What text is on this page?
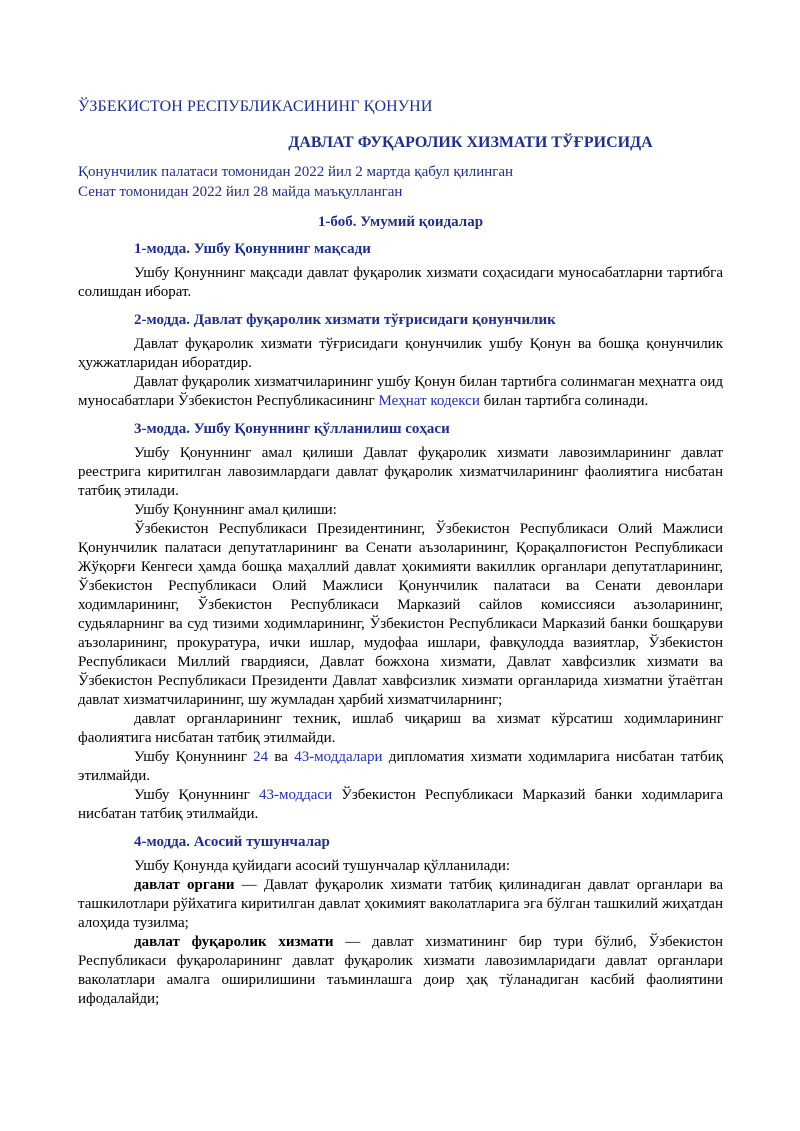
ЎЗБЕКИСТОН РЕСПУБЛИКАСИНИНГ ҚОНУНИ
ДАВЛАТ ФУҚАРОЛИК ХИЗМАТИ ТЎҒРИСИДА
Қонунчилик палатаси томонидан 2022 йил 2 мартда қабул қилинган
Сенат томонидан 2022 йил 28 майда маъқулланган
1-боб. Умумий қоидалар
1-модда. Ушбу Қонуннинг мақсади

Ушбу Қонуннинг мақсади давлат фуқаролик хизмати соҳасидаги муносабатларни тартибга солишдан иборат.

2-модда. Давлат фуқаролик хизмати тўғрисидаги қонунчилик

Давлат фуқаролик хизмати тўғрисидаги қонунчилик ушбу Қонун ва бошқа қонунчилик ҳужжатларидан иборатдир.

Давлат фуқаролик хизматчиларининг ушбу Қонун билан тартибга солинмаган меҳнатга оид муносабатлари Ўзбекистон Республикасининг Меҳнат кодекси билан тартибга солинади.

3-модда. Ушбу Қонуннинг қўлланилиш соҳаси

Ушбу Қонуннинг амал қилиши Давлат фуқаролик хизмати лавозимларининг давлат реестрига киритилган лавозимлардаги давлат фуқаролик хизматчиларининг фаолиятига нисбатан татбиқ этилади.

Ушбу Қонуннинг амал қилиши:

Ўзбекистон Республикаси Президентининг, Ўзбекистон Республикаси Олий Мажлиси Қонунчилик палатаси депутатларининг ва Сенати аъзоларининг, Қорақалпоғистон Республикаси Жўқорғи Кенгеси ҳамда бошқа маҳаллий давлат ҳокимияти вакиллик органлари депутатларининг, Ўзбекистон Республикаси Олий Мажлиси Қонунчилик палатаси ва Сенати девонлари ходимларининг, Ўзбекистон Республикаси Марказий сайлов комиссияси аъзоларининг, судьяларнинг ва суд тизими ходимларининг, Ўзбекистон Республикаси Марказий банки бошқаруви аъзоларининг, прокуратура, ички ишлар, мудофаа ишлари, фавқулодда вазиятлар, Ўзбекистон Республикаси Миллий гвардияси, Давлат божхона хизмати, Давлат хавфсизлик хизмати ва Ўзбекистон Республикаси Президенти Давлат хавфсизлик хизмати органларида хизматни ўтаётган давлат хизматчиларининг, шу жумладан ҳарбий хизматчиларнинг;

давлат органларининг техник, ишлаб чиқариш ва хизмат кўрсатиш ходимларининг фаолиятига нисбатан татбиқ этилмайди.

Ушбу Қонуннинг 24 ва 43-моддалари дипломатия хизмати ходимларига нисбатан татбиқ этилмайди.

Ушбу Қонуннинг 43-моддаси Ўзбекистон Республикаси Марказий банки ходимларига нисбатан татбиқ этилмайди.

4-модда. Асосий тушунчалар

Ушбу Қонунда қуйидаги асосий тушунчалар қўлланилади:

давлат органи — Давлат фуқаролик хизмати татбиқ қилинадиган давлат органлари ва ташкилотлари рўйхатига киритилган давлат ҳокимият ваколатларига эга бўлган ташкилий жиҳатдан алоҳида тузилма;

давлат фуқаролик хизмати — давлат хизматининг бир тури бўлиб, Ўзбекистон Республикаси фуқароларининг давлат фуқаролик хизмати лавозимларидаги давлат органлари ваколатлари амалга оширилишини таъминлашга доир ҳақ тўланадиган касбий фаолиятини ифодалайди;
